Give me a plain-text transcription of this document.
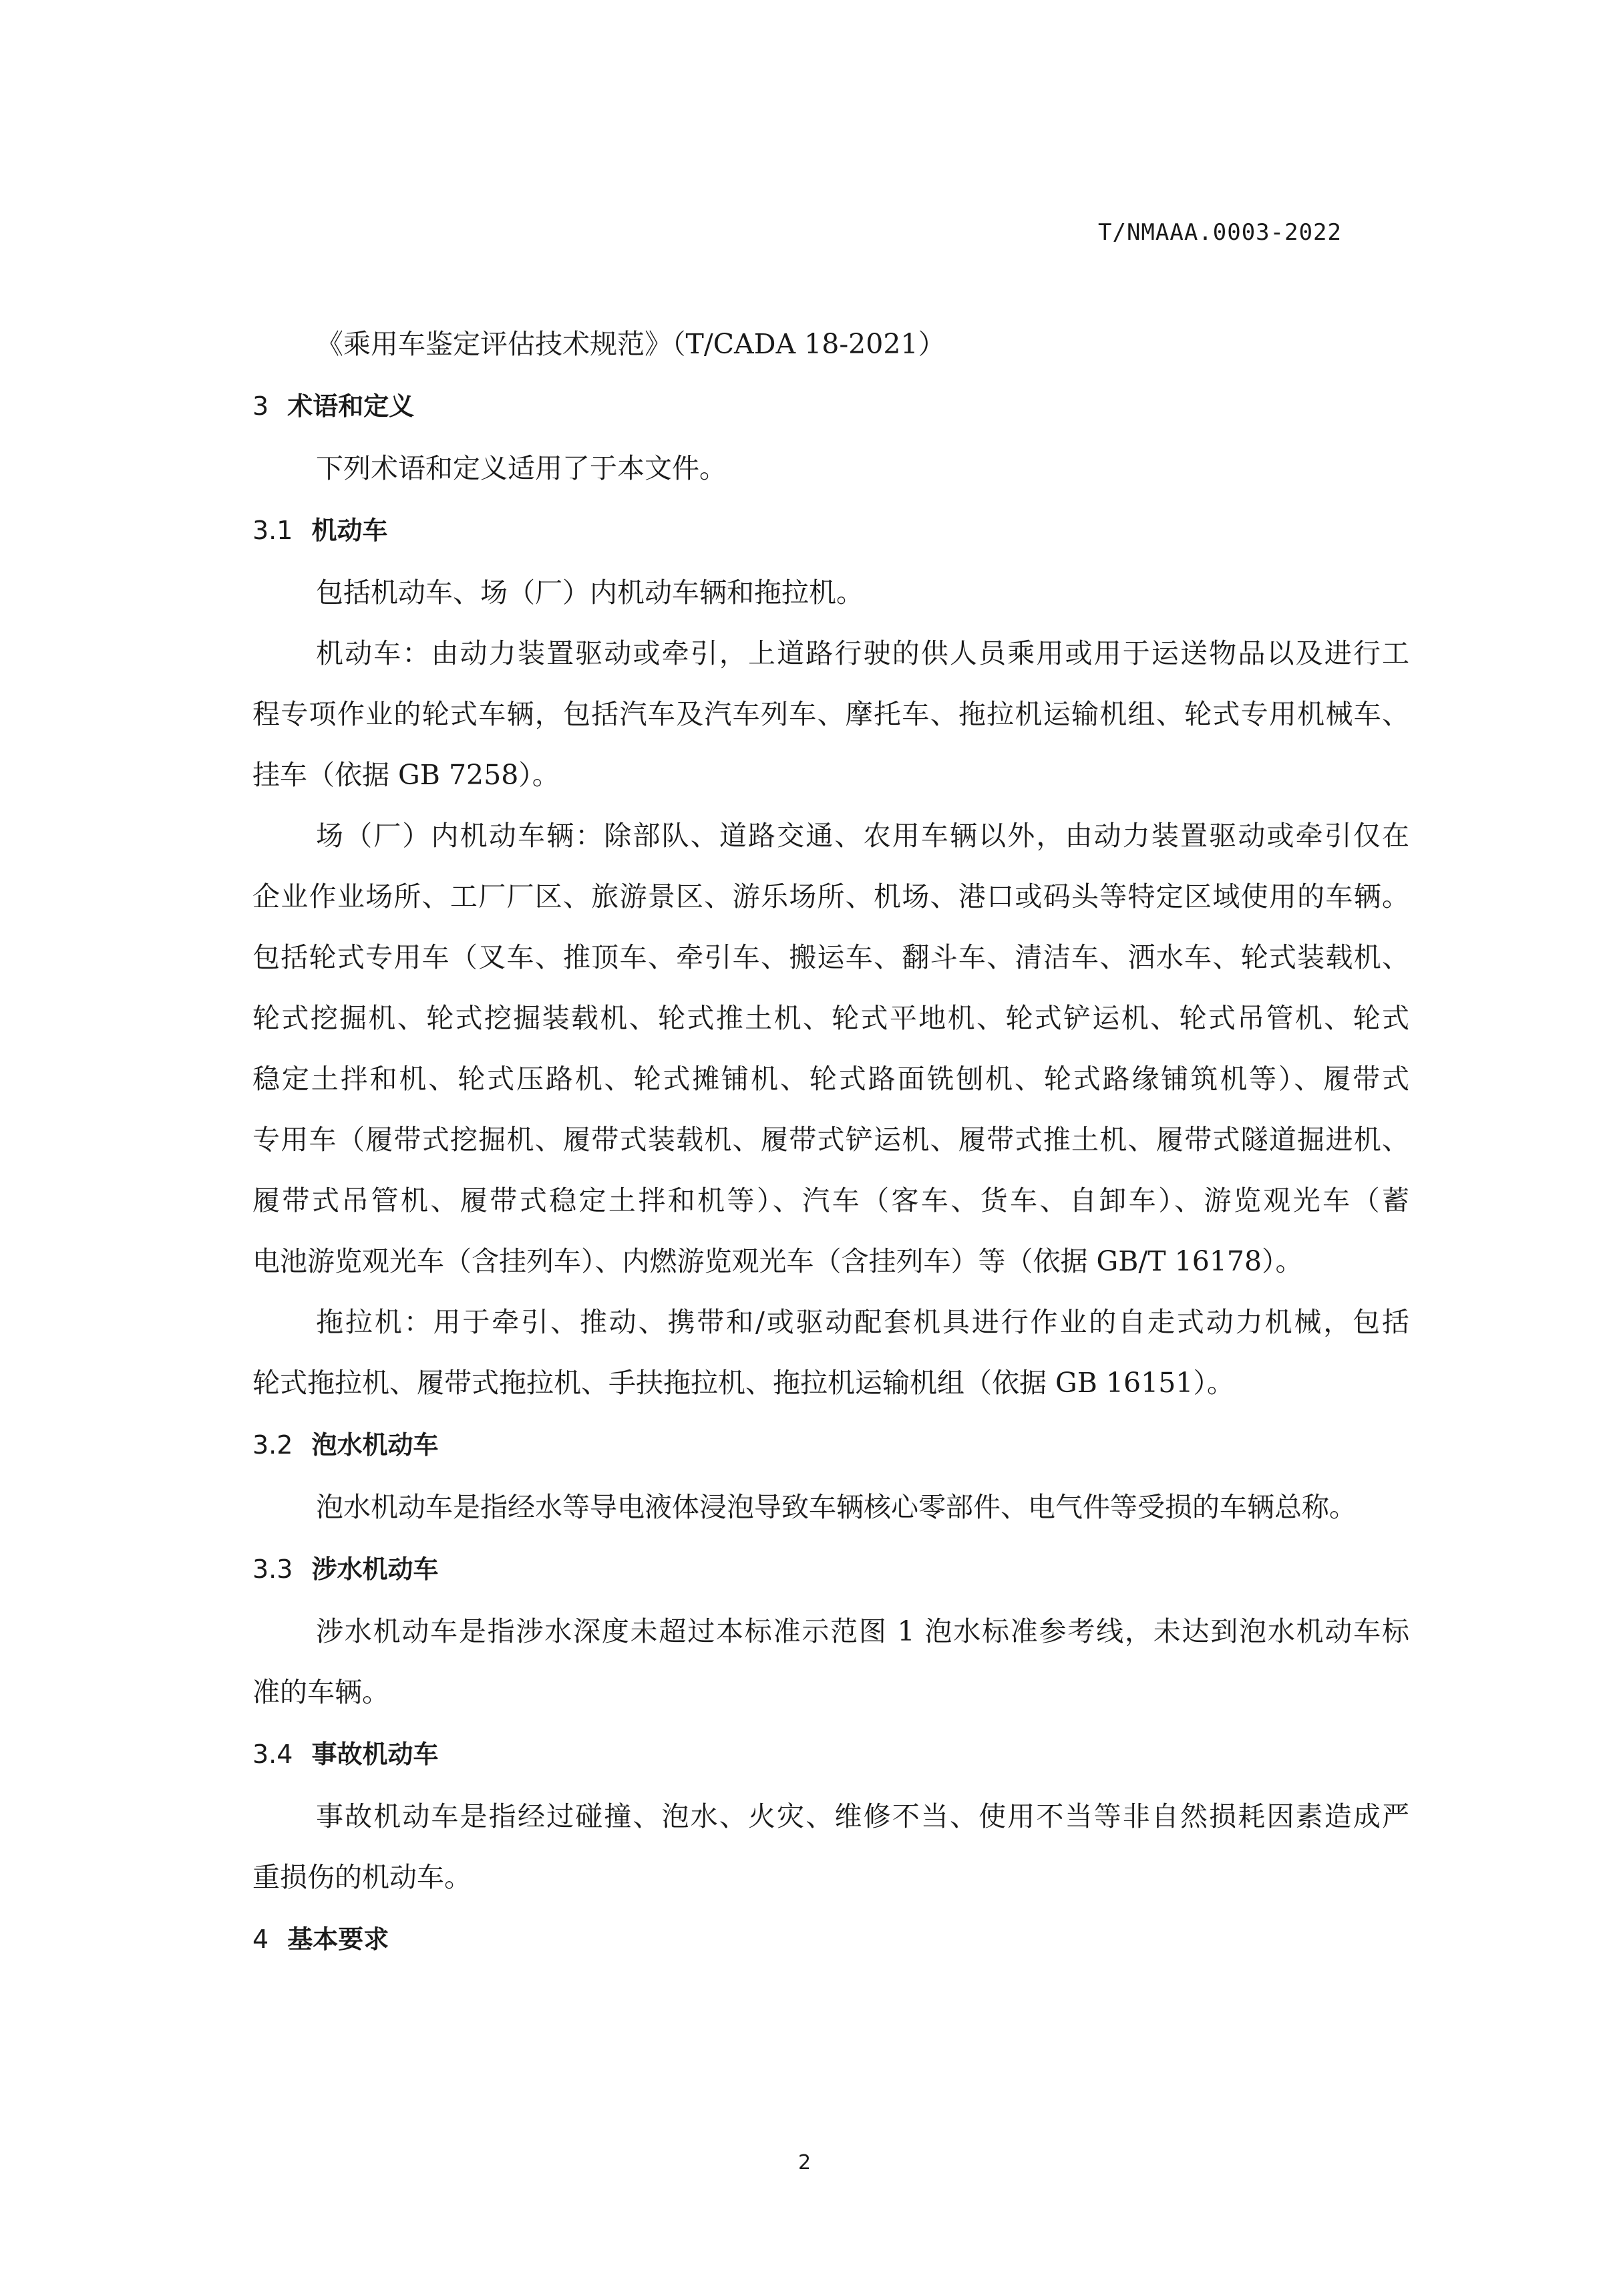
T/NMAAA.0003-2022
《乘用车鉴定评估技术规范》（T/CADA 18-2021）
3 术语和定义
下列术语和定义适用了于本文件。
3.1 机动车
包括机动车、场（厂）内机动车辆和拖拉机。
机动车：由动力装置驱动或牵引，上道路行驶的供人员乘用或用于运送物品以及进行工
程专项作业的轮式车辆，包括汽车及汽车列车、摩托车、拖拉机运输机组、轮式专用机械车、
挂车（依据 GB 7258）。
场（厂）内机动车辆：除部队、道路交通、农用车辆以外，由动力装置驱动或牵引仅在
企业作业场所、工厂厂区、旅游景区、游乐场所、机场、港口或码头等特定区域使用的车辆。
包括轮式专用车（叉车、推顶车、牵引车、搬运车、翻斗车、清洁车、洒水车、轮式装载机、
轮式挖掘机、轮式挖掘装载机、轮式推土机、轮式平地机、轮式铲运机、轮式吊管机、轮式
稳定土拌和机、轮式压路机、轮式摊铺机、轮式路面铣刨机、轮式路缘铺筑机等）、履带式
专用车（履带式挖掘机、履带式装载机、履带式铲运机、履带式推土机、履带式隧道掘进机、
履带式吊管机、履带式稳定土拌和机等）、汽车（客车、货车、自卸车）、游览观光车（蓄
电池游览观光车（含挂列车）、内燃游览观光车（含挂列车）等（依据 GB/T 16178）。
拖拉机：用于牵引、推动、携带和/或驱动配套机具进行作业的自走式动力机械，包括
轮式拖拉机、履带式拖拉机、手扶拖拉机、拖拉机运输机组（依据 GB 16151）。
3.2 泡水机动车
泡水机动车是指经水等导电液体浸泡导致车辆核心零部件、电气件等受损的车辆总称。
3.3 涉水机动车
涉水机动车是指涉水深度未超过本标准示范图 1 泡水标准参考线，未达到泡水机动车标
准的车辆。
3.4 事故机动车
事故机动车是指经过碰撞、泡水、火灾、维修不当、使用不当等非自然损耗因素造成严
重损伤的机动车。
4 基本要求
2
